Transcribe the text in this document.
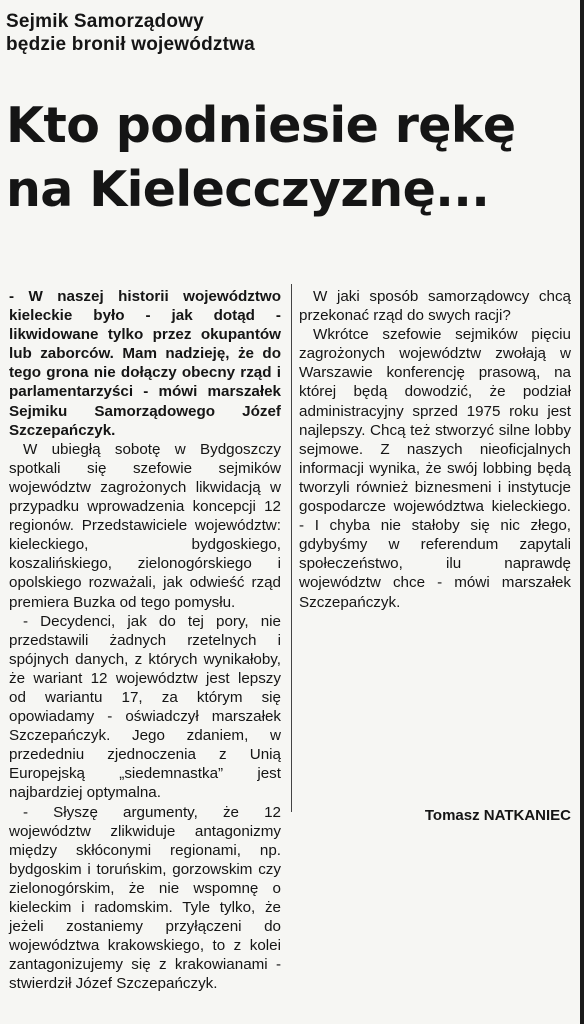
Sejmik Samorządowy
będzie bronił województwa
Kto podniesie rękę
na Kielecczyznę...

- W naszej historii województwo kieleckie było - jak dotąd - likwidowane tylko przez okupantów lub zaborców. Mam nadzieję, że do tego grona nie dołączy obecny rząd i parlamentarzyści - mówi marszałek Sejmiku Samorządowego Józef Szczepańczyk.

W ubiegłą sobotę w Bydgoszczy spotkali się szefowie sejmików województw zagrożonych likwidacją w przypadku wprowadzenia koncepcji 12 regionów. Przedstawiciele województw: kieleckiego, bydgoskiego, koszalińskiego, zielonogórskiego i opolskiego rozważali, jak odwieść rząd premiera Buzka od tego pomysłu.

- Decydenci, jak do tej pory, nie przedstawili żadnych rzetelnych i spójnych danych, z których wynikałoby, że wariant 12 województw jest lepszy od wariantu 17, za którym się opowiadamy - oświadczył marszałek Szczepańczyk. Jego zdaniem, w przededniu zjednoczenia z Unią Europejską „siedemnastka” jest najbardziej optymalna.

- Słyszę argumenty, że 12 województw zlikwiduje antagonizmy między skłóconymi regionami, np. bydgoskim i toruńskim, gorzowskim czy zielonogórskim, że nie wspomnę o kieleckim i radomskim. Tyle tylko, że jeżeli zostaniemy przyłączeni do województwa krakowskiego, to z kolei zantagonizujemy się z krakowianami - stwierdził Józef Szczepańczyk.

W jaki sposób samorządowcy chcą przekonać rząd do swych racji?

Wkrótce szefowie sejmików pięciu zagrożonych województw zwołają w Warszawie konferencję prasową, na której będą dowodzić, że podział administracyjny sprzed 1975 roku jest najlepszy. Chcą też stworzyć silne lobby sejmowe. Z naszych nieoficjalnych informacji wynika, że swój lobbing będą tworzyli również biznesmeni i instytucje gospodarcze województwa kieleckiego. - I chyba nie stałoby się nic złego, gdybyśmy w referendum zapytali społeczeństwo, ilu naprawdę województw chce - mówi marszałek Szczepańczyk.

Tomasz NATKANIEC
